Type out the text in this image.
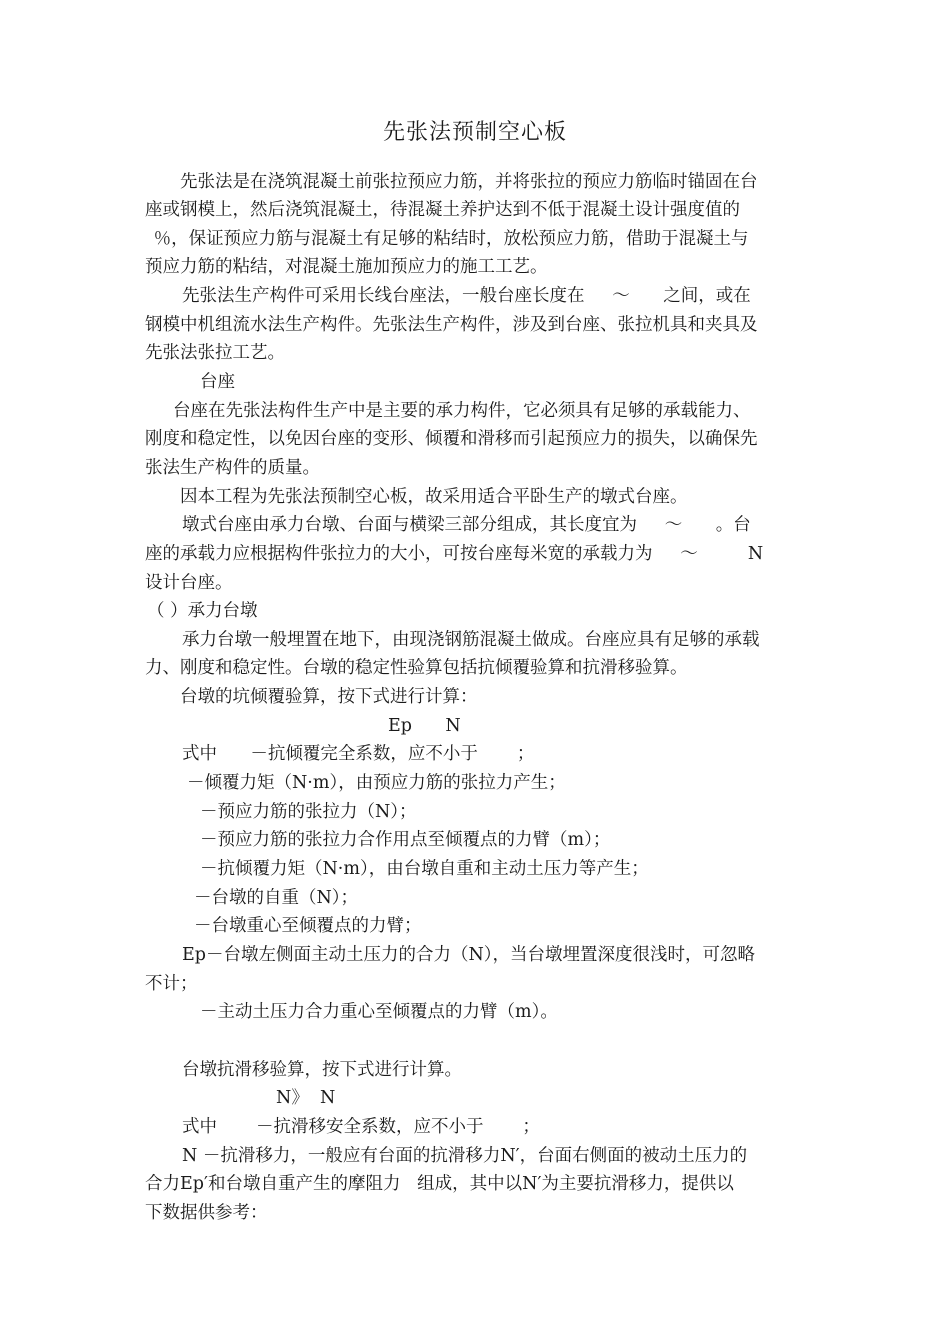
先张法预制空心板
先张法是在浇筑混凝土前张拉预应力筋，并将张拉的预应力筋临时锚固在台
座或钢模上，然后浇筑混凝土，待混凝土养护达到不低于混凝土设计强度值的
％，保证预应力筋与混凝土有足够的粘结时，放松预应力筋，借助于混凝土与
预应力筋的粘结，对混凝土施加预应力的施工工艺。
先张法生产构件可采用长线台座法，一般台座长度在     ～      之间，或在
钢模中机组流水法生产构件。先张法生产构件，涉及到台座、张拉机具和夹具及
先张法张拉工艺。
台座
台座在先张法构件生产中是主要的承力构件，它必须具有足够的承载能力、
刚度和稳定性，以免因台座的变形、倾覆和滑移而引起预应力的损失，以确保先
张法生产构件的质量。
因本工程为先张法预制空心板，故采用适合平卧生产的墩式台座。
墩式台座由承力台墩、台面与横梁三部分组成，其长度宜为     ～      。台
座的承载力应根据构件张拉力的大小，可按台座每米宽的承载力为     ～         N
设计台座。
（ ）承力台墩
承力台墩一般埋置在地下，由现浇钢筋混凝土做成。台座应具有足够的承载
力、刚度和稳定性。台墩的稳定性验算包括抗倾覆验算和抗滑移验算。
台墩的坑倾覆验算，按下式进行计算：
Ep      N
式中      －抗倾覆完全系数，应不小于       ；
－倾覆力矩（N·m），由预应力筋的张拉力产生；
－预应力筋的张拉力（N）；
－预应力筋的张拉力合作用点至倾覆点的力臂（m）；
－抗倾覆力矩（N·m），由台墩自重和主动土压力等产生；
－台墩的自重（N）；
－台墩重心至倾覆点的力臂；
Ep－台墩左侧面主动土压力的合力（N），当台墩埋置深度很浅时，可忽略
不计；
－主动土压力合力重心至倾覆点的力臂（m）。
台墩抗滑移验算，按下式进行计算。
N》  N
式中       －抗滑移安全系数，应不小于       ；
N －抗滑移力，一般应有台面的抗滑移力N′，台面右侧面的被动土压力的
合力Ep′和台墩自重产生的摩阻力   组成，其中以N′为主要抗滑移力，提供以
下数据供参考：
